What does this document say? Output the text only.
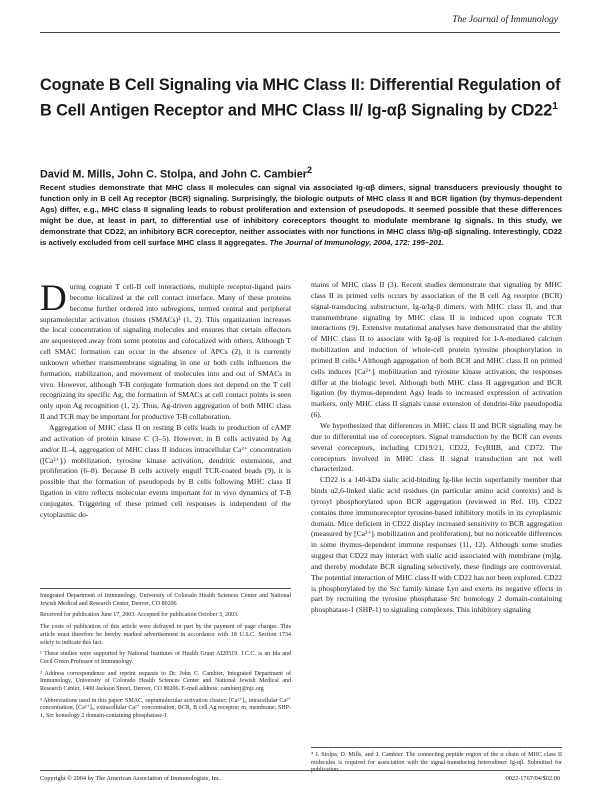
The Journal of Immunology
Cognate B Cell Signaling via MHC Class II: Differential Regulation of B Cell Antigen Receptor and MHC Class II/ Ig-αβ Signaling by $CD22^1$
David M. Mills, John C. Stolpa, and John C. Cambier$^2$
Recent studies demonstrate that MHC class II molecules can signal via associated Ig-αβ dimers, signal transducers previously thought to function only in B cell Ag receptor (BCR) signaling. Surprisingly, the biologic outputs of MHC class II and BCR ligation (by thymus-dependent Ags) differ, e.g., MHC class II signaling leads to robust proliferation and extension of pseudopods. It seemed possible that these differences might be due, at least in part, to differential use of inhibitory coreceptors thought to modulate membrane Ig signals. In this study, we demonstrate that CD22, an inhibitory BCR coreceptor, neither associates with nor functions in MHC class II/Ig-αβ signaling. Interestingly, CD22 is actively excluded from cell surface MHC class II aggregates. The Journal of Immunology, 2004, 172: 195–201.

During cognate T cell-B cell interactions, multiple receptor-ligand pairs become localized at the cell contact interface. Many of these proteins become further ordered into subregions, termed central and peripheral supramolecular activation clusters (SMACs)³ (1, 2). This organization increases the local concentration of signaling molecules and ensures that certain effectors are sequestered away from some proteins and colocalized with others. Although T cell SMAC formation can occur in the absence of APCs (2), it is currently unknown whether transmembrane signaling in one or both cells influences the formation, stabilization, and movement of molecules into and out of SMACs in vivo. However, although T-B conjugate formation does not depend on the T cell recognizing its specific Ag, the formation of SMACs at cell contact points is seen only upon Ag recognition (1, 2). Thus, Ag-driven aggregation of both MHC class II and TCR may be important for productive T-B collaboration.

Aggregation of MHC class II on resting B cells leads to production of cAMP and activation of protein kinase C (3–5). However, in B cells activated by Ag and/or IL-4, aggregation of MHC class II induces intracellular Ca²⁺ concentration ([Ca²⁺]ᵢ) mobilization, tyrosine kinase activation, dendritic extensions, and proliferation (6–8). Because B cells actively engulf TCR-coated beads (9), it is possible that the formation of pseudopods by B cells following MHC class II ligation in vitro reflects molecular events important for in vivo dynamics of T-B conjugates. Triggering of these primed cell responses is independent of the cytoplasmic do-

Integrated Department of Immunology, University of Colorado Health Sciences Center and National Jewish Medical and Research Center, Denver, CO 80206

Received for publication June 17, 2003. Accepted for publication October 3, 2003.

The costs of publication of this article were defrayed in part by the payment of page charges. This article must therefore be hereby marked advertisement in accordance with 18 U.S.C. Section 1734 solely to indicate this fact.

¹ These studies were supported by National Institutes of Health Grant AI20519. J.C.C. is an Ida and Cecil Green Professor of Immunology.

² Address correspondence and reprint requests to Dr. John C. Cambier, Integrated Department of Immunology, University of Colorado Health Sciences Center and National Jewish Medical and Research Center, 1400 Jackson Street, Denver, CO 80206. E-mail address: cambierj@njc.org

³ Abbreviations used in this paper: SMAC, supramolecular activation cluster; [Ca²⁺]ᵢ, intracellular Ca²⁺ concentration; [Ca²⁺]ₑ, extracellular Ca²⁺ concentration; BCR, B cell Ag receptor; m, membrane; SHP-1, Src homology 2 domain-containing phosphatase-1.

mains of MHC class II (3). Recent studies demonstrate that signaling by MHC class II in primed cells occurs by association of the B cell Ag receptor (BCR) signal-transducing substructure, Ig-α/Ig-β dimers, with MHC class II, and that transmembrane signaling by MHC class II is induced upon cognate TCR interactions (9). Extensive mutational analyses have demonstrated that the ability of MHC class II to associate with Ig-αβ is required for I-A-mediated calcium mobilization and induction of whole-cell protein tyrosine phosphorylation in primed B cells.⁴ Although aggregation of both BCR and MHC class II on primed cells induces [Ca²⁺]ᵢ mobilization and tyrosine kinase activation, the responses differ at the biologic level. Although both MHC class II aggregation and BCR ligation (by thymus-dependent Ags) leads to increased expression of activation markers, only MHC class II signals cause extension of dendrite-like pseudopodia (6).

We hypothesized that differences in MHC class II and BCR signaling may be due to differential use of coreceptors. Signal transduction by the BCR can events several coreceptors, including CD19/21, CD22, FcγRIIB, and CD72. The coreceptors involved in MHC class II signal transduction are not well characterized.

CD22 is a 140-kDa sialic acid-binding Ig-like lectin superfamily member that binds α2,6-linked sialic acid residues (in particular amino acid contexts) and is tyrosyl phosphorylated upon BCR aggregation (reviewed in Ref. 10). CD22 contains three immunoreceptor tyrosine-based inhibitory motifs in its cytoplasmic domain. Mice deficient in CD22 display increased sensitivity to BCR aggregation (measured by [Ca²⁺]ᵢ mobilization and proliferation), but no noticeable differences in some thymus-dependent immune responses (11, 12). Although some studies suggest that CD22 may interact with sialic acid associated with membrane (m)Ig, and thereby modulate BCR signaling selectively, these findings are controversial. The potential interaction of MHC class II with CD22 has not been explored. CD22 is phosphorylated by the Src family kinase Lyn and exerts its negative effects in part by recruiting the tyrosine phosphatase Src homology 2 domain-containing phosphatase-1 (SHP-1) to signaling complexes. This inhibitory signaling

⁴ J. Stolpa, D. Mills, and J. Cambier. The connecting peptide region of the α chain of MHC class II molecules is required for association with the signal-transducing heterodimer Ig-αβ. Submitted for publication.

Copyright © 2004 by The American Association of Immunologists, Inc.	0022-1767/04/$02.00
